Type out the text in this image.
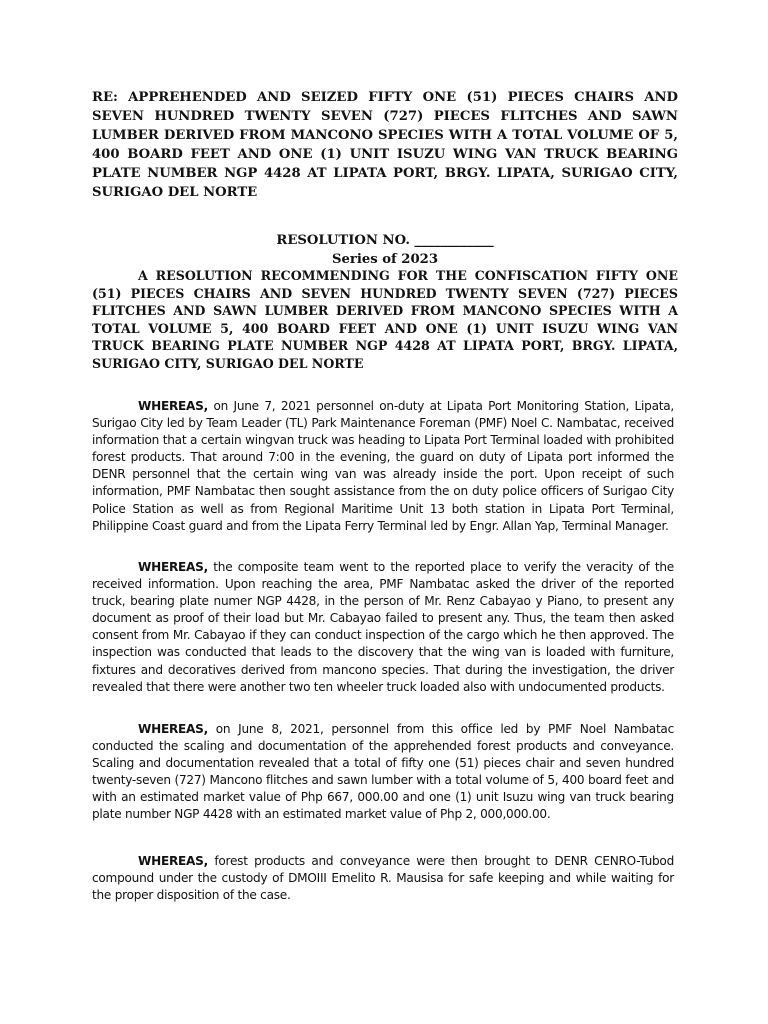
RE: APPREHENDED AND SEIZED FIFTY ONE (51) PIECES CHAIRS AND SEVEN HUNDRED TWENTY SEVEN (727) PIECES FLITCHES AND SAWN LUMBER DERIVED FROM MANCONO SPECIES WITH A TOTAL VOLUME OF 5, 400 BOARD FEET AND ONE (1) UNIT ISUZU WING VAN TRUCK BEARING PLATE NUMBER NGP 4428 AT LIPATA PORT, BRGY. LIPATA, SURIGAO CITY, SURIGAO DEL NORTE
RESOLUTION NO. ____________
Series of 2023
A RESOLUTION RECOMMENDING FOR THE CONFISCATION FIFTY ONE (51) PIECES CHAIRS AND SEVEN HUNDRED TWENTY SEVEN (727) PIECES FLITCHES AND SAWN LUMBER DERIVED FROM MANCONO SPECIES WITH A TOTAL VOLUME 5, 400 BOARD FEET AND ONE (1) UNIT ISUZU WING VAN TRUCK BEARING PLATE NUMBER NGP 4428 AT LIPATA PORT, BRGY. LIPATA, SURIGAO CITY, SURIGAO DEL NORTE

WHEREAS, on June 7, 2021 personnel on-duty at Lipata Port Monitoring Station, Lipata, Surigao City led by Team Leader (TL) Park Maintenance Foreman (PMF) Noel C. Nambatac, received information that a certain wingvan truck was heading to Lipata Port Terminal loaded with prohibited forest products. That around 7:00 in the evening, the guard on duty of Lipata port informed the DENR personnel that the certain wing van was already inside the port. Upon receipt of such information, PMF Nambatac then sought assistance from the on duty police officers of Surigao City Police Station as well as from Regional Maritime Unit 13 both station in Lipata Port Terminal, Philippine Coast guard and from the Lipata Ferry Terminal led by Engr. Allan Yap, Terminal Manager.

WHEREAS, the composite team went to the reported place to verify the veracity of the received information. Upon reaching the area, PMF Nambatac asked the driver of the reported truck, bearing plate numer NGP 4428, in the person of Mr. Renz Cabayao y Piano, to present any document as proof of their load but Mr. Cabayao failed to present any. Thus, the team then asked consent from Mr. Cabayao if they can conduct inspection of the cargo which he then approved. The inspection was conducted that leads to the discovery that the wing van is loaded with furniture, fixtures and decoratives derived from mancono species. That during the investigation, the driver revealed that there were another two ten wheeler truck loaded also with undocumented products.

WHEREAS, on June 8, 2021, personnel from this office led by PMF Noel Nambatac conducted the scaling and documentation of the apprehended forest products and conveyance. Scaling and documentation revealed that a total of fifty one (51) pieces chair and seven hundred twenty-seven (727) Mancono flitches and sawn lumber with a total volume of 5, 400 board feet and with an estimated market value of Php 667, 000.00 and one (1) unit Isuzu wing van truck bearing plate number NGP 4428 with an estimated market value of Php 2, 000,000.00.

WHEREAS, forest products and conveyance were then brought to DENR CENRO-Tubod compound under the custody of DMOIII Emelito R. Mausisa for safe keeping and while waiting for the proper disposition of the case.
